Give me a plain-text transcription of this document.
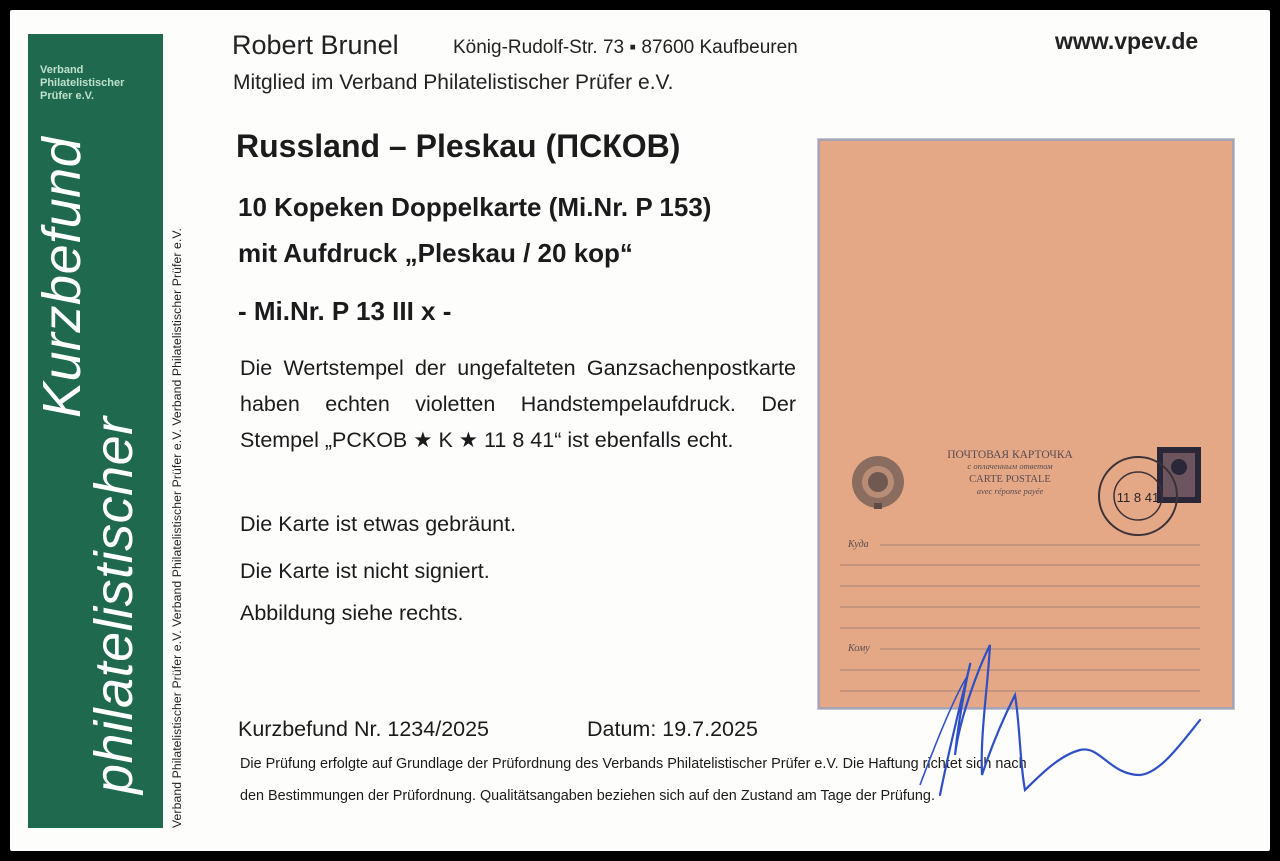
Verband
Philatelistischer
Prüfer e.V.
philatelistischer
Kurzbefund	Verband Philatelistischer Prüfer e.V. Verband Philatelistischer Prüfer e.V. Verband Philatelistischer Prüfer e.V.
Robert Brunel	König-Rudolf-Str. 73 ▪ 87600 Kaufbeuren
Mitglied im Verband Philatelistischer Prüfer e.V.
www.vpev.de
Russland – Pleskau (ПСКОВ)
10 Kopeken Doppelkarte (Mi.Nr. P 153)
mit Aufdruck „Pleskau / 20 kop“
- Mi.Nr. P 13 III x -
Die Wertstempel der ungefalteten Ganzsachenpostkarte haben echten violetten Handstempelaufdruck. Der Stempel „PCKOB ★ K ★ 11 8 41“ ist ebenfalls echt.
Die Karte ist etwas gebräunt.
Die Karte ist nicht signiert.
Abbildung siehe rechts.
Kurzbefund Nr. 1234/2025	Datum: 19.7.2025
Die Prüfung erfolgte auf Grundlage der Prüfordnung des Verbands Philatelistischer Prüfer e.V. Die Haftung richtet sich nach
den Bestimmungen der Prüfordnung. Qualitätsangaben beziehen sich auf den Zustand am Tage der Prüfung.
ПОЧТОВАЯ КАРТОЧКА
с оплаченным ответом
CARTE POSTALE
avec réponse payée	11 8 41
Куда
Кому
